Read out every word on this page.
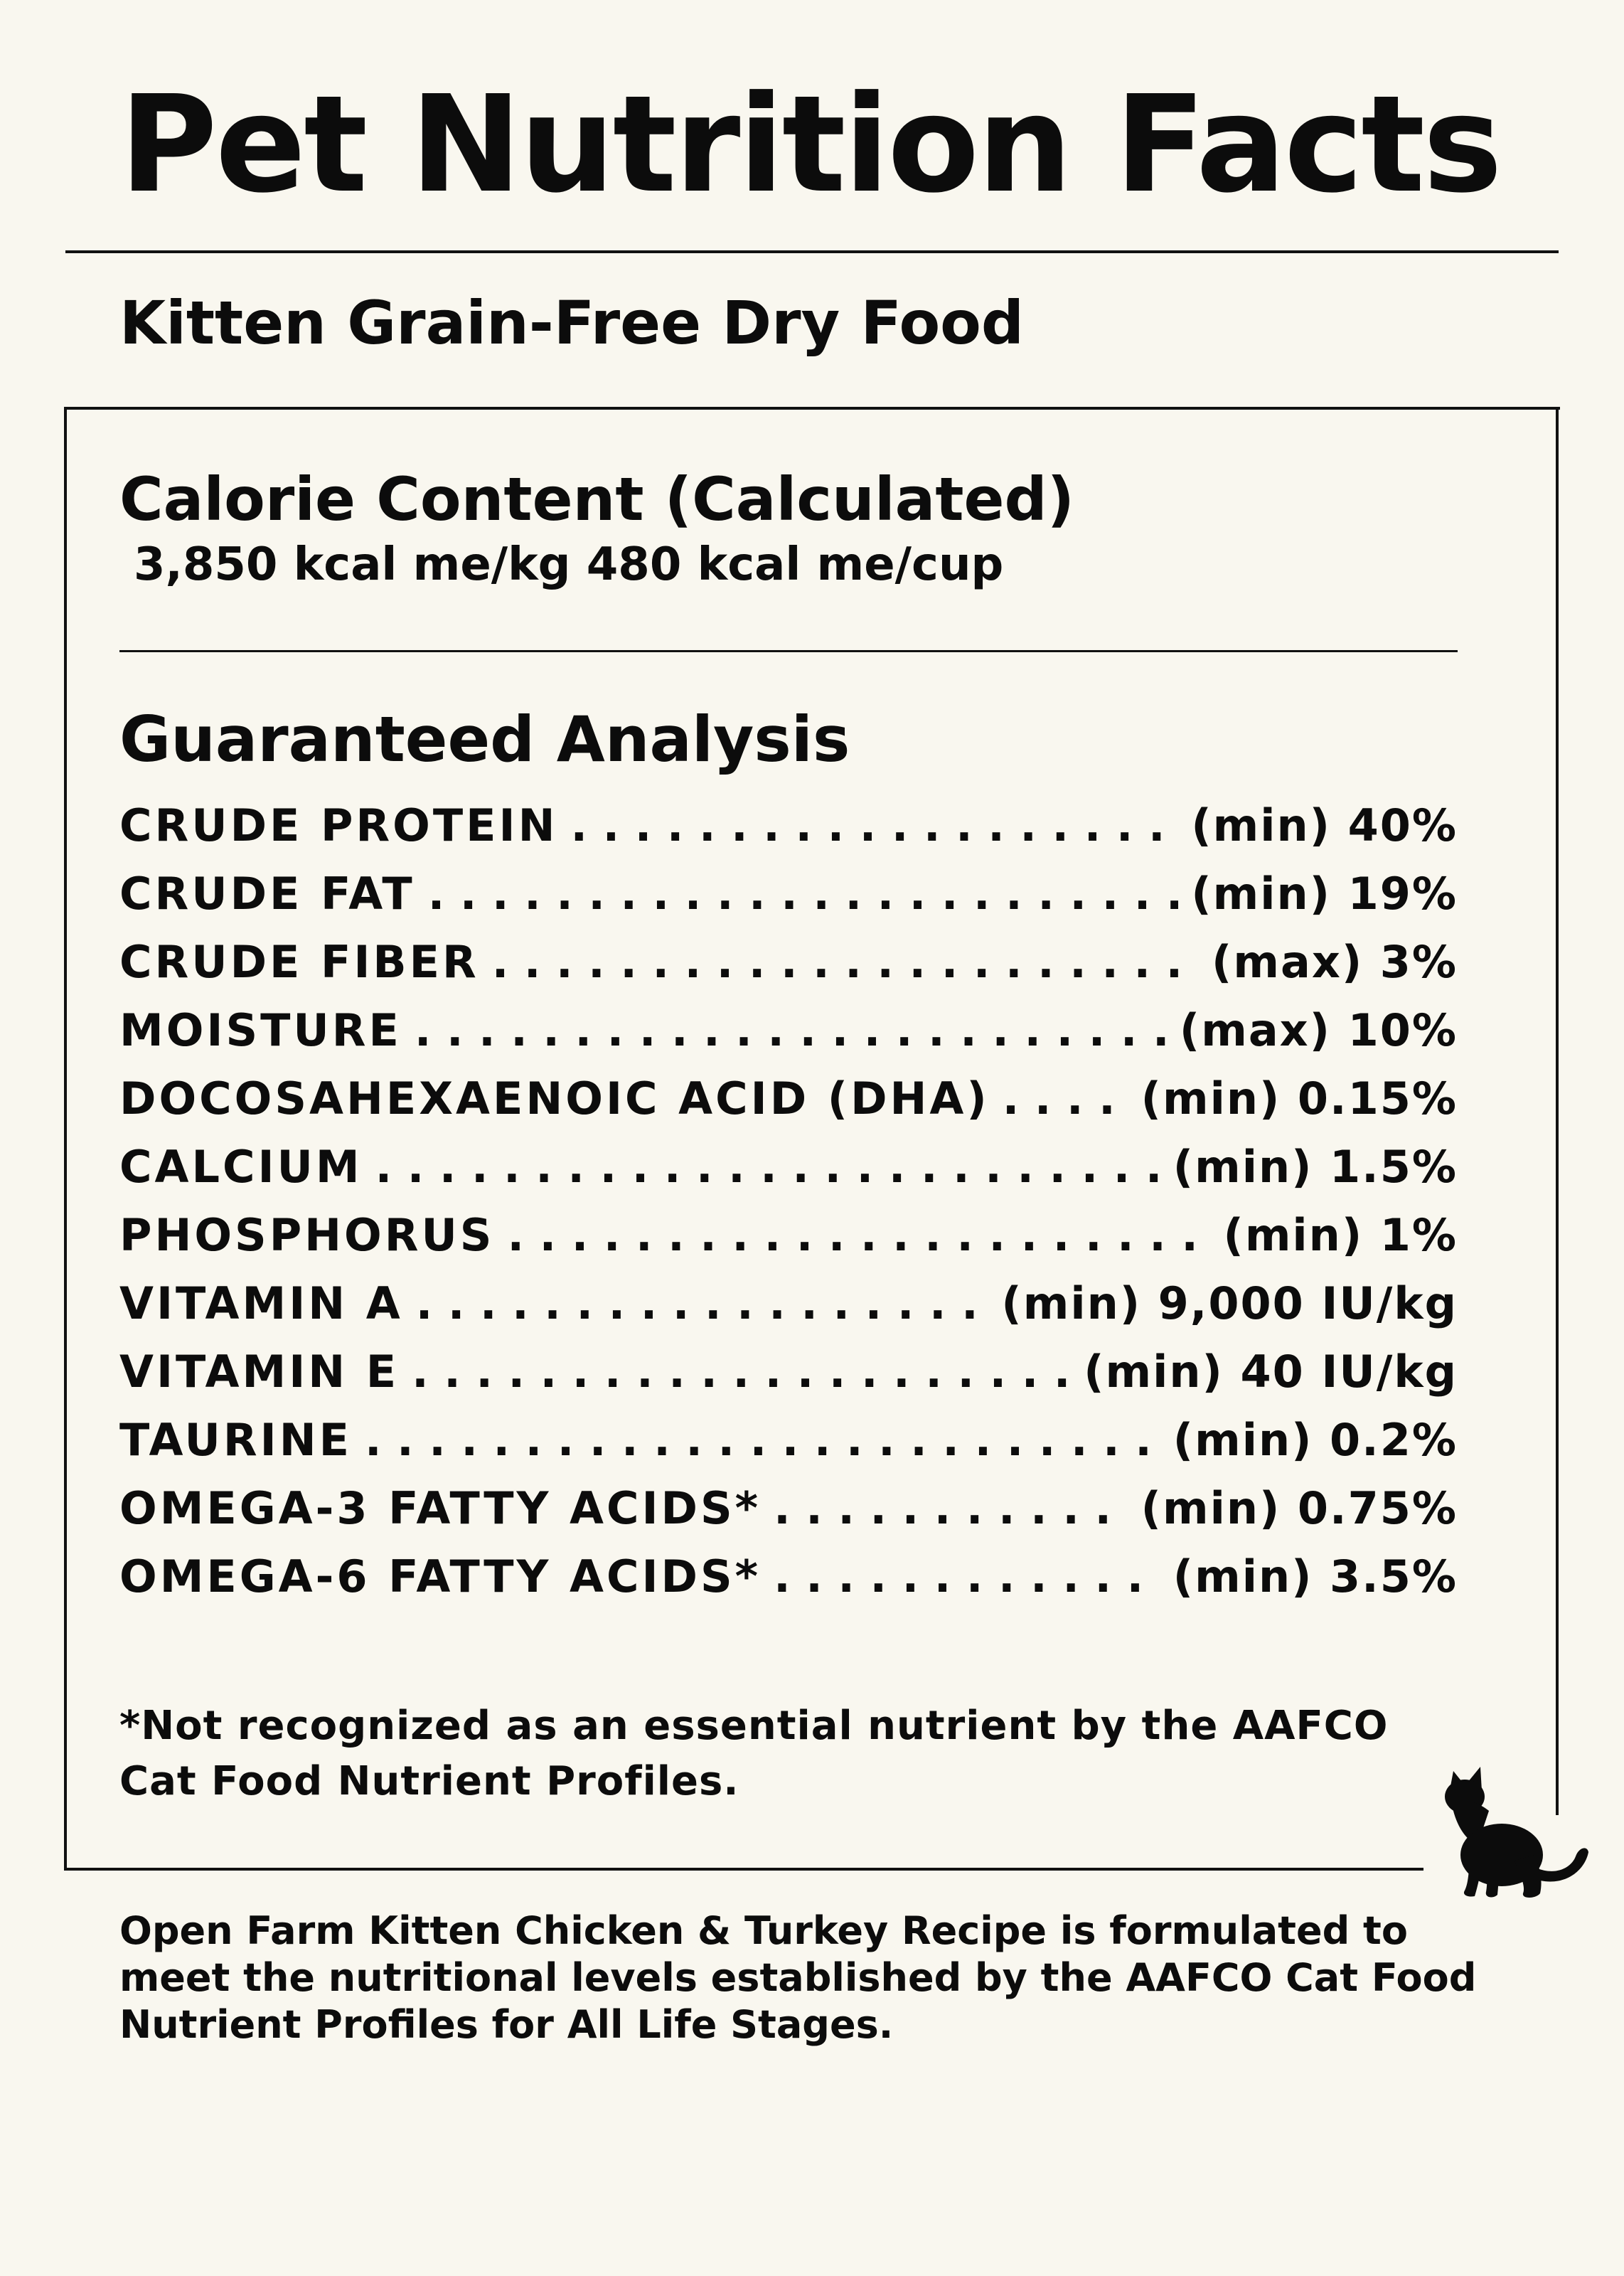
Pet Nutrition Facts
Kitten Grain-Free Dry Food
Calorie Content (Calculated)
3,850 kcal me/kg 480 kcal me/cup
Guaranteed Analysis
CRUDE PROTEIN . . .	(min) 40%
CRUDE FAT . . .	(min) 19%
CRUDE FIBER . . .	(max) 3%
MOISTURE . . .	(max) 10%
DOCOSAHEXAENOIC ACID (DHA) . . .	(min) 0.15%
CALCIUM . . .	(min) 1.5%
PHOSPHORUS . . .	(min) 1%
VITAMIN A . . .	(min) 9,000 IU/kg
VITAMIN E . . .	(min) 40 IU/kg
TAURINE . . .	(min) 0.2%
OMEGA-3 FATTY ACIDS* . . .	(min) 0.75%
OMEGA-6 FATTY ACIDS* . . .	(min) 3.5%
*Not recognized as an essential nutrient by the AAFCO Cat Food Nutrient Profiles.
Open Farm Kitten Chicken & Turkey Recipe is formulated to meet the nutritional levels established by the AAFCO Cat Food Nutrient Profiles for All Life Stages.
